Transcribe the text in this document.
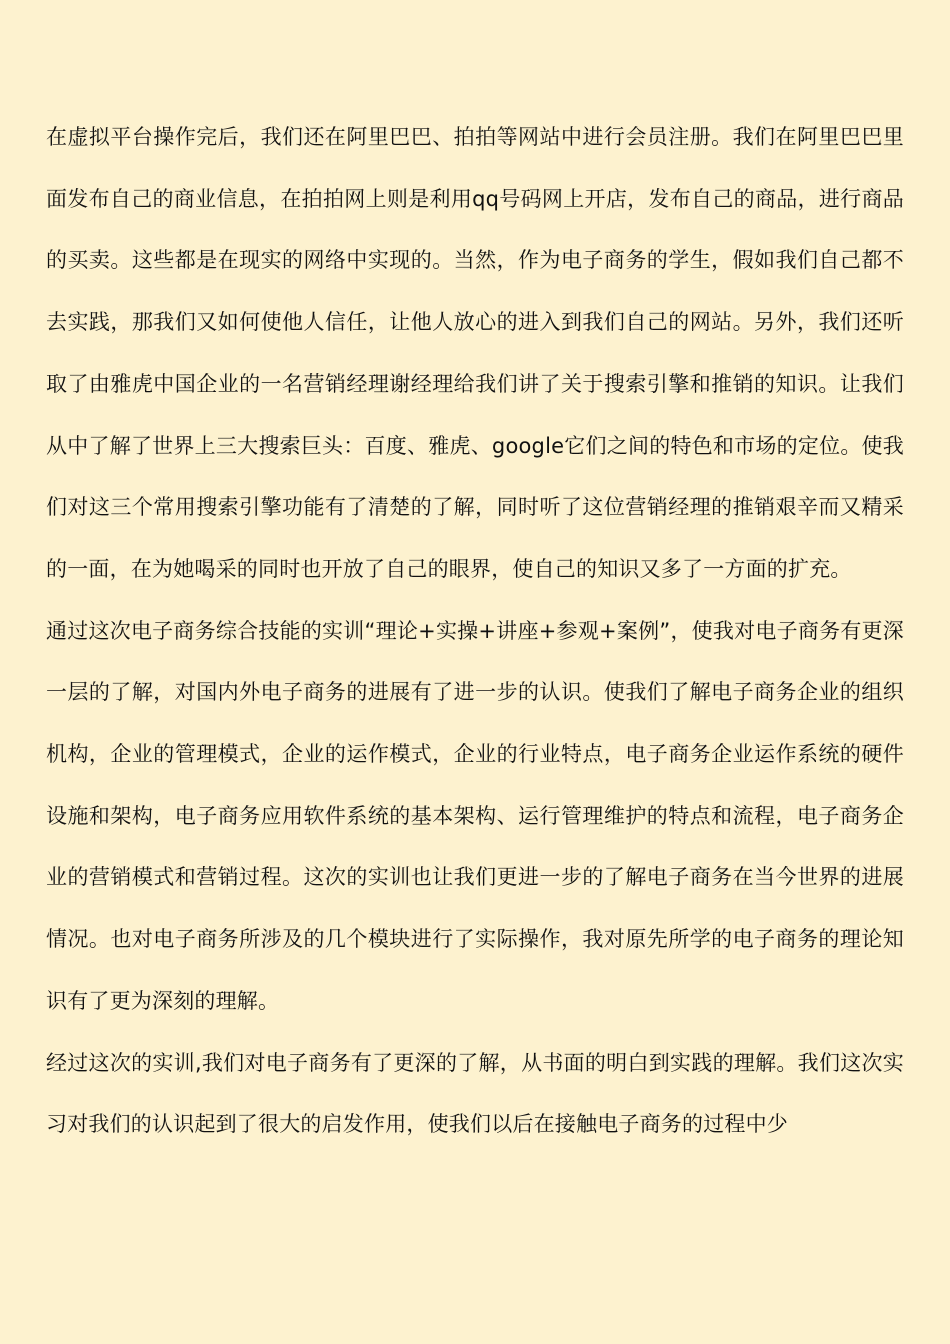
在虚拟平台操作完后，我们还在阿里巴巴、拍拍等网站中进行会员注册。我们在阿里巴巴里面发布自己的商业信息，在拍拍网上则是利用qq号码网上开店，发布自己的商品，进行商品的买卖。这些都是在现实的网络中实现的。当然，作为电子商务的学生，假如我们自己都不去实践，那我们又如何使他人信任，让他人放心的进入到我们自己的网站。另外，我们还听取了由雅虎中国企业的一名营销经理谢经理给我们讲了关于搜索引擎和推销的知识。让我们从中了解了世界上三大搜索巨头：百度、雅虎、google它们之间的特色和市场的定位。使我们对这三个常用搜索引擎功能有了清楚的了解，同时听了这位营销经理的推销艰辛而又精采的一面，在为她喝采的同时也开放了自己的眼界，使自己的知识又多了一方面的扩充。

通过这次电子商务综合技能的实训“理论+实操+讲座+参观+案例”，使我对电子商务有更深一层的了解，对国内外电子商务的进展有了进一步的认识。使我们了解电子商务企业的组织机构，企业的管理模式，企业的运作模式，企业的行业特点，电子商务企业运作系统的硬件设施和架构，电子商务应用软件系统的基本架构、运行管理维护的特点和流程，电子商务企业的营销模式和营销过程。这次的实训也让我们更进一步的了解电子商务在当今世界的进展情况。也对电子商务所涉及的几个模块进行了实际操作，我对原先所学的电子商务的理论知识有了更为深刻的理解。

经过这次的实训,我们对电子商务有了更深的了解，从书面的明白到实践的理解。我们这次实习对我们的认识起到了很大的启发作用，使我们以后在接触电子商务的过程中少
